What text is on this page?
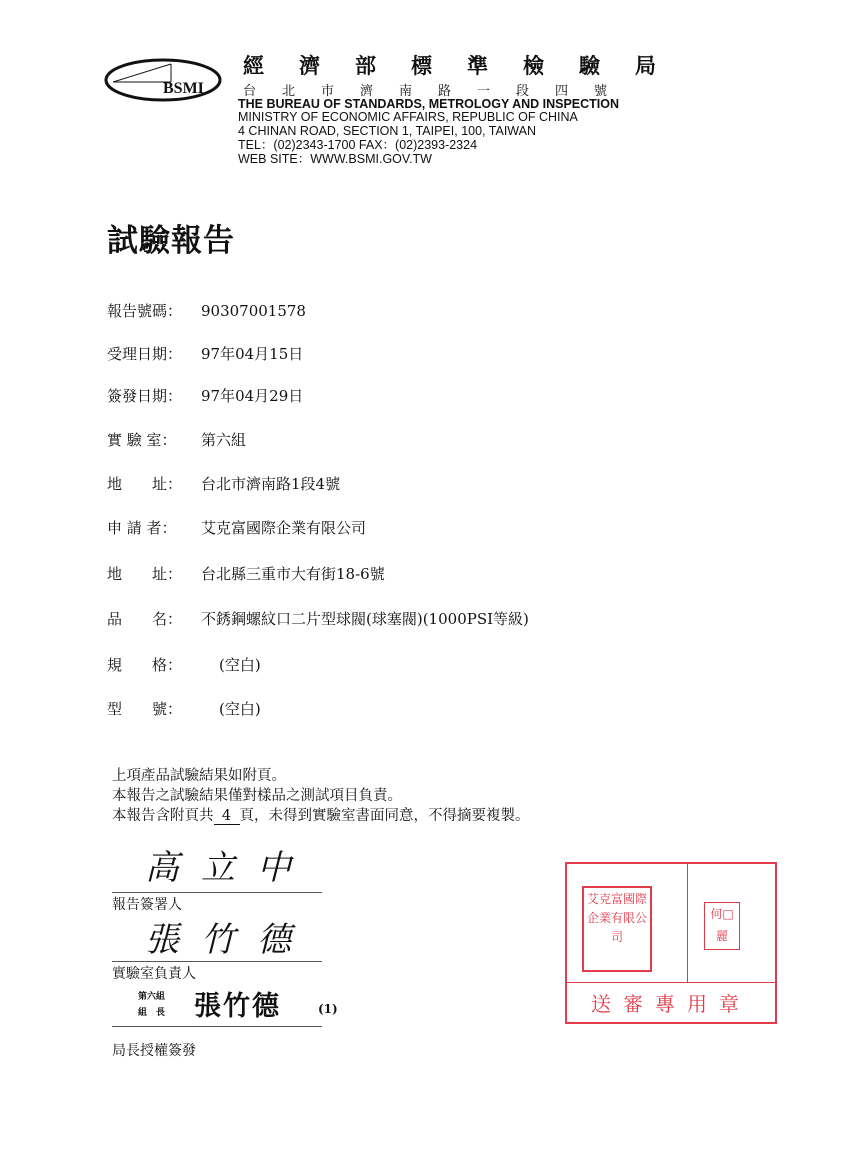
BSMI
經濟部標準檢驗局
台北市濟南路一段四號
THE BUREAU OF STANDARDS, METROLOGY AND INSPECTION
MINISTRY OF ECONOMIC AFFAIRS, REPUBLIC OF CHINA
4 CHINAN ROAD, SECTION 1, TAIPEI, 100, TAIWAN
TEL：(02)2343-1700 FAX：(02)2393-2324
WEB SITE：WWW.BSMI.GOV.TW
試驗報告
報告號碼： 90307001578
受理日期： 97年04月15日
簽發日期： 97年04月29日
實 驗 室： 第六組
地　　址： 台北市濟南路1段4號
申 請 者： 艾克富國際企業有限公司
地　　址： 台北縣三重市大有街18-6號
品　　名： 不銹鋼螺紋口二片型球閥(球塞閥)(1000PSI等級)
規　　格： (空白)
型　　號： (空白)
上項產品試驗結果如附頁。
本報告之試驗結果僅對樣品之測試項目負責。
本報告含附頁共 4 頁，未得到實驗室書面同意，不得摘要複製。
高立中
報告簽署人
張竹德
實驗室負責人
第六組
組　長 張竹德	(1)
局長授權簽發
艾克富國際企業有限公司
何□麗
送審專用章
